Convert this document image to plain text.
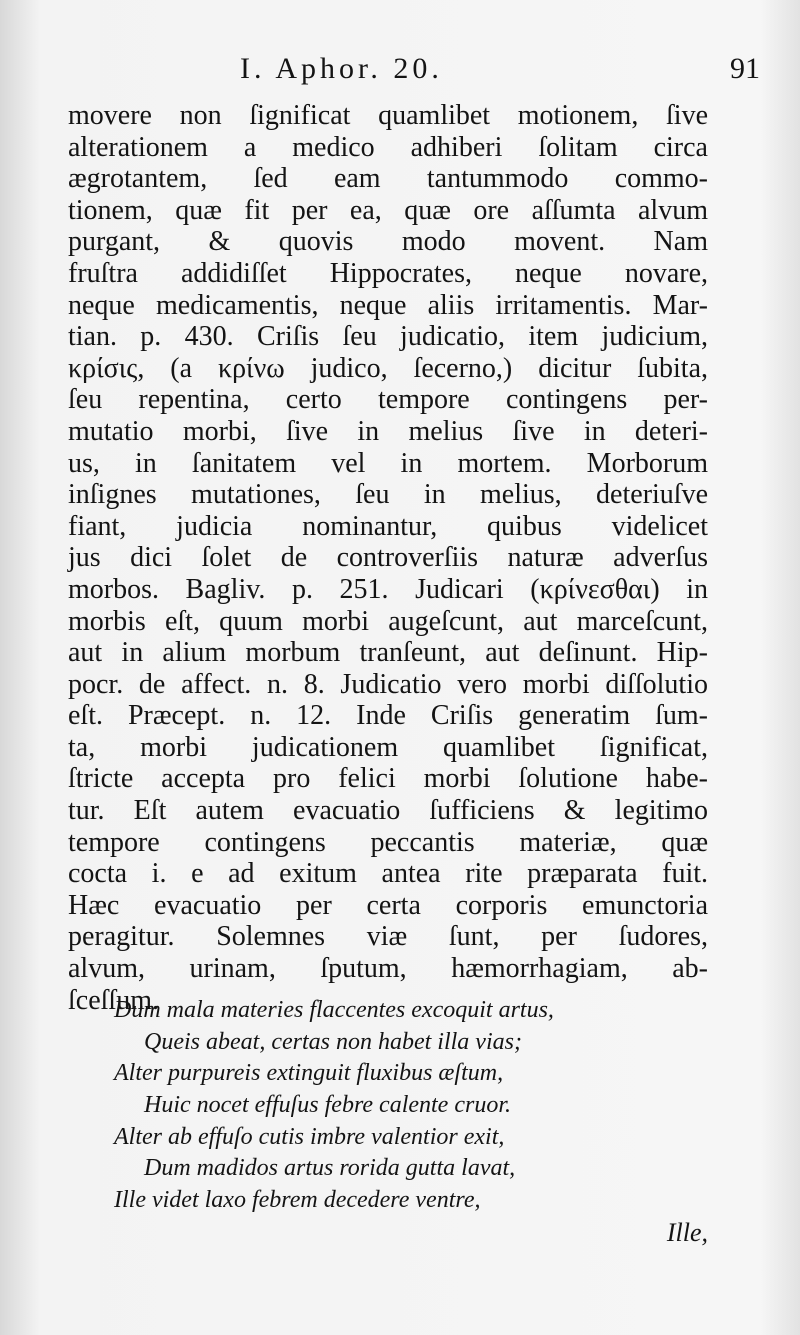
I. Aphor. 20.	91
movere non ſignificat quamlibet motionem, ſive
alterationem a medico adhiberi ſolitam circa
ægrotantem, ſed eam tantummodo commo-
tionem, quæ fit per ea, quæ ore aſſumta alvum
purgant, & quovis modo movent. Nam
fruſtra addidiſſet Hippocrates, neque novare,
neque medicamentis, neque aliis irritamentis. Mar-
tian. p. 430. Criſis ſeu judicatio, item judicium,
κρίσις, (a κρίνω judico, ſecerno,) dicitur ſubita,
ſeu repentina, certo tempore contingens per-
mutatio morbi, ſive in melius ſive in deteri-
us, in ſanitatem vel in mortem. Morborum
inſignes mutationes, ſeu in melius, deteriuſve
fiant, judicia nominantur, quibus videlicet
jus dici ſolet de controverſiis naturæ adverſus
morbos. Bagliv. p. 251. Judicari (κρίνεσθαι) in
morbis eſt, quum morbi augeſcunt, aut marceſcunt,
aut in alium morbum tranſeunt, aut deſinunt. Hip-
pocr. de affect. n. 8. Judicatio vero morbi diſſolutio
eſt. Præcept. n. 12. Inde Criſis generatim ſum-
ta, morbi judicationem quamlibet ſignificat,
ſtricte accepta pro felici morbi ſolutione habe-
tur. Eſt autem evacuatio ſufficiens & legitimo
tempore contingens peccantis materiæ, quæ
cocta i. e ad exitum antea rite præparata fuit.
Hæc evacuatio per certa corporis emunctoria
peragitur. Solemnes viæ ſunt, per ſudores,
alvum, urinam, ſputum, hæmorrhagiam, ab-
ſceſſum.
Dum mala materies flaccentes excoquit artus,
Queis abeat, certas non habet illa vias;
Alter purpureis extinguit fluxibus æſtum,
Huic nocet effuſus febre calente cruor.
Alter ab effuſo cutis imbre valentior exit,
Dum madidos artus rorida gutta lavat,
Ille videt laxo febrem decedere ventre,
Ille,
